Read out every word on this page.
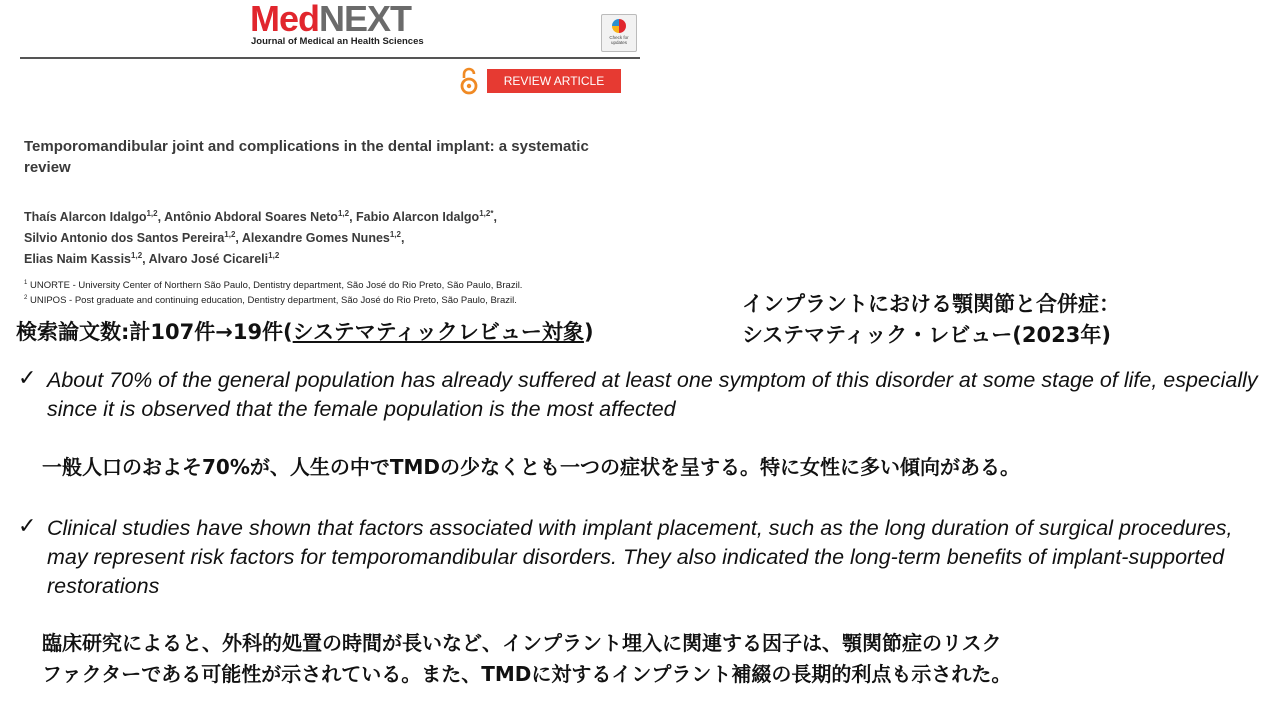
MedNEXT
Journal of Medical an Health Sciences	Check for updates
REVIEW ARTICLE
Temporomandibular joint and complications in the dental implant: a systematic review
Thaís Alarcon Idalgo$^{1,2}$, Antônio Abdoral Soares Neto$^{1,2}$, Fabio Alarcon Idalgo$^{1,2*}$,
Silvio Antonio dos Santos Pereira$^{1,2}$, Alexandre Gomes Nunes$^{1,2}$,
Elias Naim Kassis$^{1,2}$, Alvaro José Cicareli$^{1,2}$
$^1$ UNORTE - University Center of Northern São Paulo, Dentistry department, São José do Rio Preto, São Paulo, Brazil.
$^2$ UNIPOS - Post graduate and continuing education, Dentistry department, São José do Rio Preto, São Paulo, Brazil.	インプラントにおける顎関節と合併症：
システマティック・レビュー(2023年)
検索論文数:計107件→19件(システマティックレビュー対象)
✓ About 70% of the general population has already suffered at least one symptom of this disorder at some stage of life, especially since it is observed that the female population is the most affected
一般人口のおよそ70%が、人生の中でTMDの少なくとも一つの症状を呈する。特に女性に多い傾向がある。
✓ Clinical studies have shown that factors associated with implant placement, such as the long duration of surgical procedures, may represent risk factors for temporomandibular disorders. They also indicated the long-term benefits of implant-supported restorations
臨床研究によると、外科的処置の時間が長いなど、インプラント埋入に関連する因子は、顎関節症のリスク
ファクターである可能性が示されている。また、TMDに対するインプラント補綴の長期的利点も示された。
